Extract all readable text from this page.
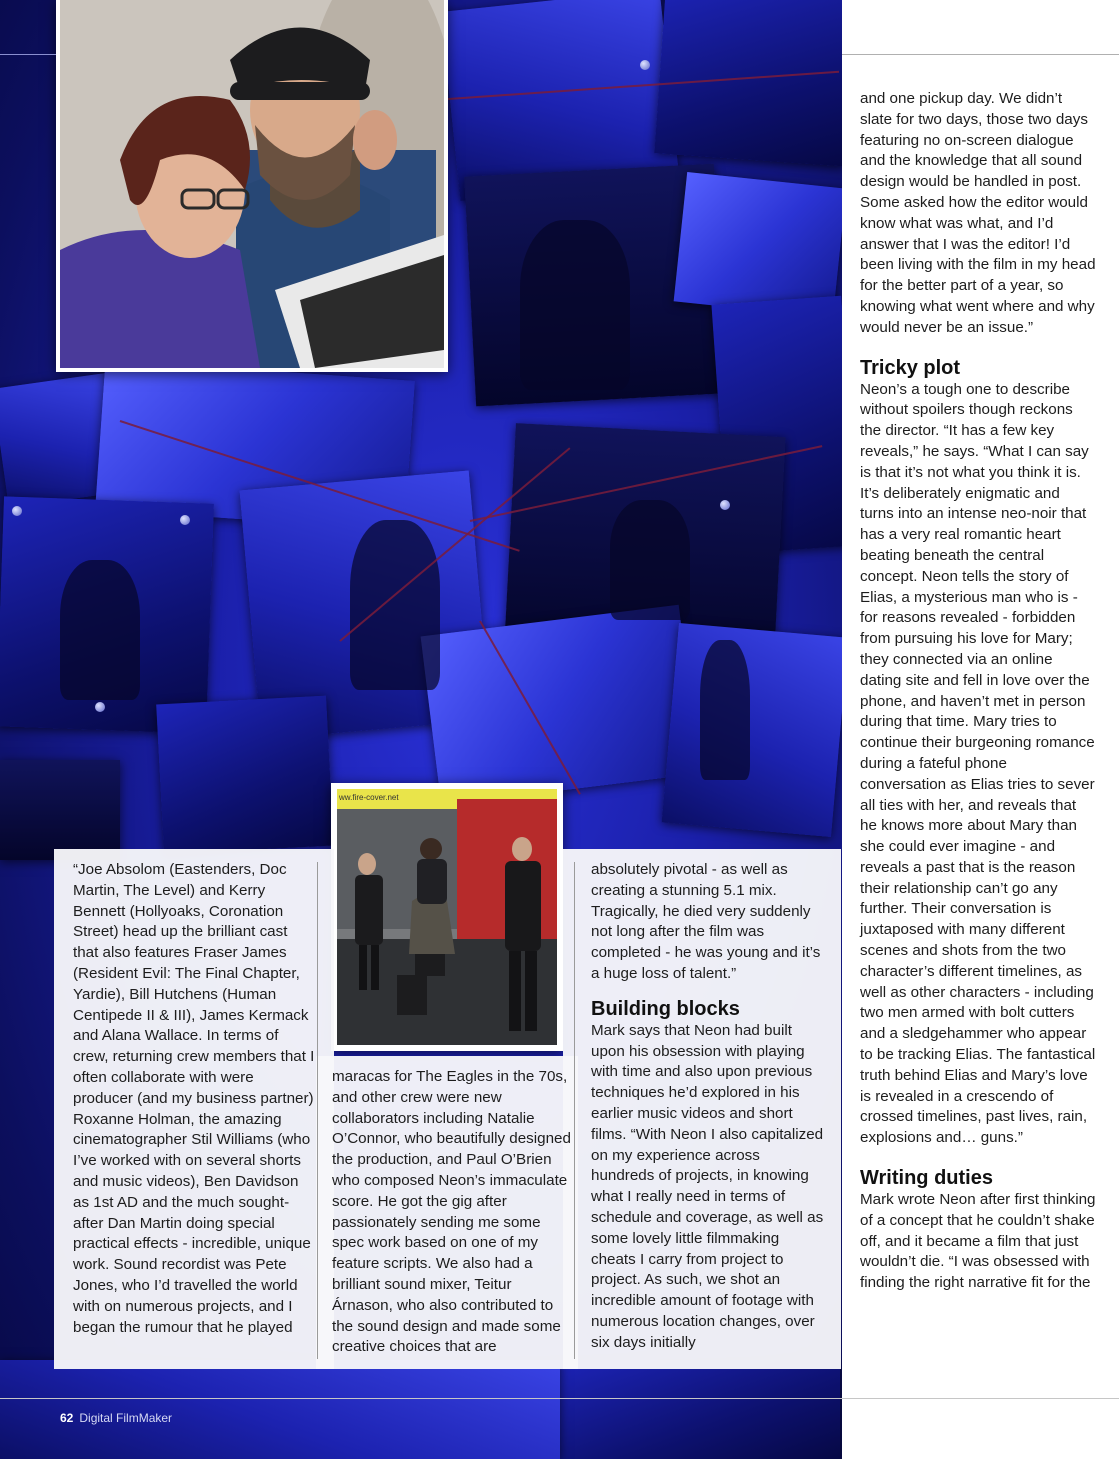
ww.fire-cover.net

“Joe Absolom (Eastenders, Doc Martin, The Level) and Kerry Bennett (Hollyoaks, Coronation Street) head up the brilliant cast that also features Fraser James (Resident Evil: The Final Chapter, Yardie), Bill Hutchens (Human Centipede II & III), James Kermack and Alana Wallace. In terms of crew, returning crew members that I often collaborate with were producer (and my business partner) Roxanne Holman, the amazing cinematographer Stil Williams (who I’ve worked with on several shorts and music videos), Ben Davidson as 1st AD and the much sought-after Dan Martin doing special practical effects - incredible, unique work. Sound recordist was Pete Jones, who I’d travelled the world with on numerous projects, and I began the rumour that he played

maracas for The Eagles in the 70s, and other crew were new collaborators including Natalie O’Connor, who beautifully designed the production, and Paul O’Brien who composed Neon’s immaculate score. He got the gig after passionately sending me some spec work based on one of my feature scripts. We also had a brilliant sound mixer, Teitur Árnason, who also contributed to the sound design and made some creative choices that are

absolutely pivotal - as well as creating a stunning 5.1 mix. Tragically, he died very suddenly not long after the film was completed - he was young and it’s a huge loss of talent.”

Building blocks

Mark says that Neon had built upon his obsession with playing with time and also upon previous techniques he’d explored in his earlier music videos and short films. “With Neon I also capitalized on my experience across hundreds of projects, in knowing what I really need in terms of schedule and coverage, as well as some lovely little filmmaking cheats I carry from project to project. As such, we shot an incredible amount of footage with numerous location changes, over six days initially

and one pickup day. We didn’t slate for two days, those two days featuring no on-screen dialogue and the knowledge that all sound design would be handled in post. Some asked how the editor would know what was what, and I’d answer that I was the editor! I’d been living with the film in my head for the better part of a year, so knowing what went where and why would never be an issue.”

Tricky plot

Neon’s a tough one to describe without spoilers though reckons the director. “It has a few key reveals,” he says. “What I can say is that it’s not what you think it is. It’s deliberately enigmatic and turns into an intense neo-noir that has a very real romantic heart beating beneath the central concept. Neon tells the story of Elias, a mysterious man who is - for reasons revealed - forbidden from pursuing his love for Mary; they connected via an online dating site and fell in love over the phone, and haven’t met in person during that time. Mary tries to continue their burgeoning romance during a fateful phone conversation as Elias tries to sever all ties with her, and reveals that he knows more about Mary than she could ever imagine - and reveals a past that is the reason their relationship can’t go any further. Their conversation is juxtaposed with many different scenes and shots from the two character’s different timelines, as well as other characters - including two men armed with bolt cutters and a sledgehammer who appear to be tracking Elias. The fantastical truth behind Elias and Mary’s love is revealed in a crescendo of crossed timelines, past lives, rain, explosions and… guns.”

Writing duties

Mark wrote Neon after first thinking of a concept that he couldn’t shake off, and it became a film that just wouldn’t die. “I was obsessed with finding the right narrative fit for the

62 Digital FilmMaker
